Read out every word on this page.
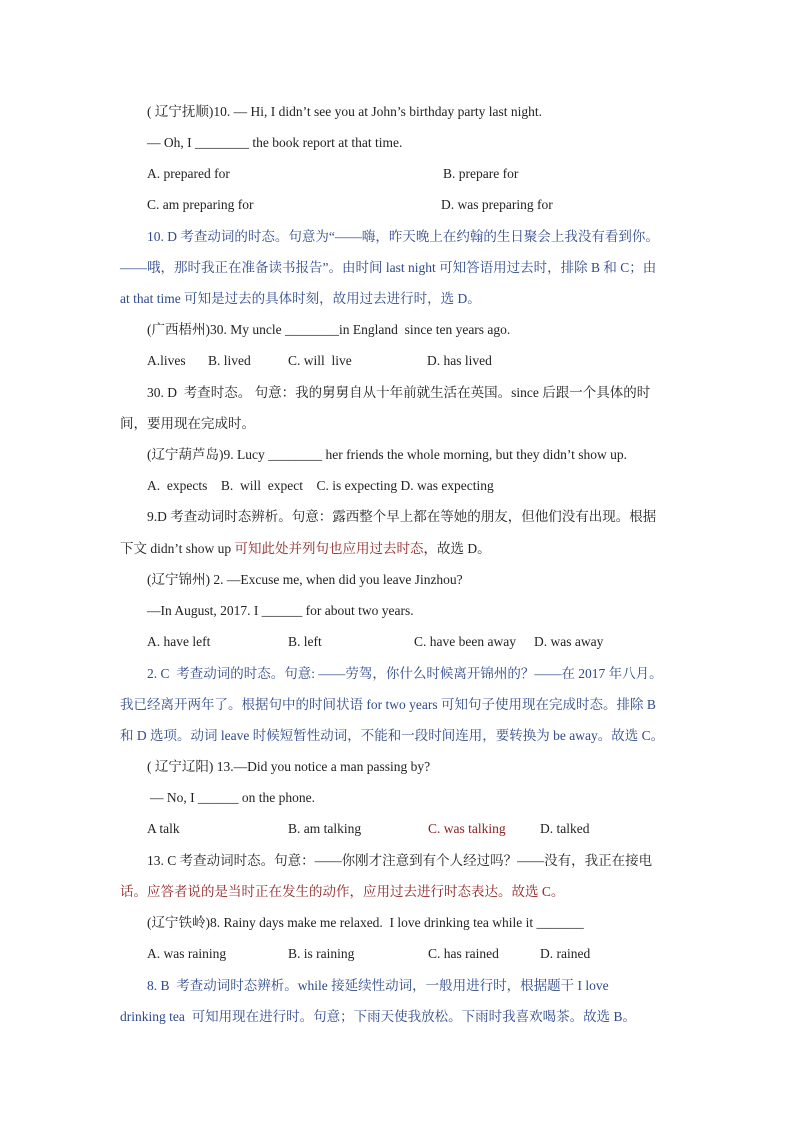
( 辽宁抚顺)10. — Hi, I didn’t see you at John’s birthday party last night.
— Oh, I ________ the book report at that time.
A. prepared for	B. prepare for
C. am preparing for	D. was preparing for
10. D 考查动词的时态。句意为“——嗨，昨天晚上在约翰的生日聚会上我没有看到你。
——哦，那时我正在准备读书报告”。由时间 last night 可知答语用过去时，排除 B 和 C；由
at that time 可知是过去的具体时刻，故用过去进行时，选 D。
(广西梧州)30. My uncle ________in England  since ten years ago.
A.lives B. lived	C. will  live	D. has lived
30. D  考查时态。 句意：我的舅舅自从十年前就生活在英国。since 后跟一个具体的时
间，要用现在完成时。
(辽宁葫芦岛)9. Lucy ________ her friends the whole morning, but they didn’t show up.
A.  expects    B.  will  expect    C. is expecting D. was expecting
9.D 考查动词时态辨析。句意：露西整个早上都在等她的朋友，但他们没有出现。根据
下文 didn’t show up 可知此处并列句也应用过去时态，故选 D。
(辽宁锦州) 2. —Excuse me, when did you leave Jinzhou?
—In August, 2017. I ______ for about two years.
A. have left	B. left	C. have been away D. was away
2. C  考查动词的时态。句意: ——劳驾，你什么时候离开锦州的？——在 2017 年八月。
我已经离开两年了。根据句中的时间状语 for two years 可知句子使用现在完成时态。排除 B
和 D 选项。动词 leave 时候短暂性动词，不能和一段时间连用，要转换为 be away。故选 C。
( 辽宁辽阳) 13.—Did you notice a man passing by?
— No, I ______ on the phone.
A talk	B. am talking	C. was talking	D. talked
13. C 考查动词时态。句意：——你刚才注意到有个人经过吗？——没有，我正在接电
话。应答者说的是当时正在发生的动作，应用过去进行时态表达。故选 C。
(辽宁铁岭)8. Rainy days make me relaxed.  I love drinking tea while it _______
A. was raining	B. is raining	C. has rained	D. rained
8. B  考查动词时态辨析。while 接延续性动词，一般用进行时，根据题干 I love
drinking tea  可知用现在进行时。句意；下雨天使我放松。下雨时我喜欢喝茶。故选 B。
